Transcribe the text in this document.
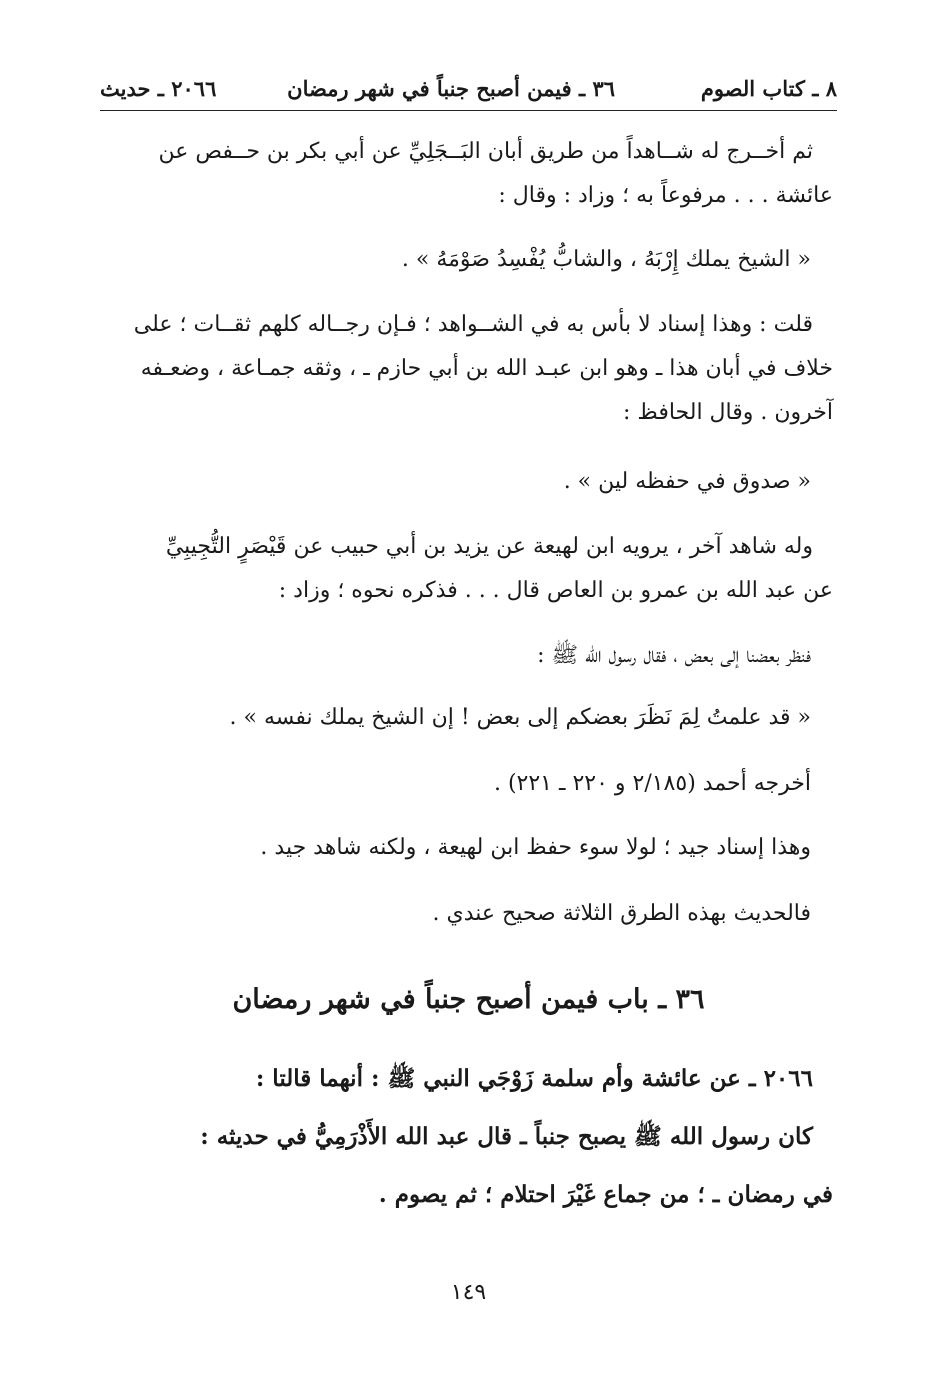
٨ ـ كتاب الصوم
٣٦ ـ فيمن أصبح جنباً في شهر رمضان
٢٠٦٦ ـ حديث
ثم أخــرج له شــاهداً من طريق أبان البَــجَلِيِّ عن أبي بكر بن حــفص عن
عائشة . . . مرفوعاً به ؛ وزاد : وقال :
« الشيخ يملك إِرْبَهُ ، والشابُّ يُفْسِدُ صَوْمَهُ » .
قلت : وهذا إسناد لا بأس به في الشــواهد ؛ فـإن رجــاله كلهم ثقــات ؛ على
خلاف في أبان هذا ـ وهو ابن عبـد الله بن أبي حازم ـ ، وثقه جمـاعة ، وضعـفه
آخرون . وقال الحافظ :
« صدوق في حفظه لين » .
وله شاهد آخر ، يرويه ابن لهيعة عن يزيد بن أبي حبيب عن قَيْصَرٍ التُّجِيبِيِّ
عن عبد الله بن عمرو بن العاص قال . . . فذكره نحوه ؛ وزاد :
فنظر بعضنا إلى بعض ، فقال رسول الله ﷺ :
« قد علمتُ لِمَ نَظَرَ بعضكم إلى بعض ! إن الشيخ يملك نفسه » .
أخرجه أحمد (٢/١٨٥ و ٢٢٠ ـ ٢٢١) .
وهذا إسناد جيد ؛ لولا سوء حفظ ابن لهيعة ، ولكنه شاهد جيد .
فالحديث بهذه الطرق الثلاثة صحيح عندي .
٣٦ ـ باب فيمن أصبح جنباً في شهر رمضان
٢٠٦٦ ـ عن عائشة وأم سلمة زَوْجَي النبي ﷺ : أنهما قالتا :
كان رسول الله ﷺ يصبح جنباً ـ قال عبد الله الأَذْرَمِيُّ في حديثه :
في رمضان ـ ؛ من جماع غَيْرَ احتلام ؛ ثم يصوم .
١٤٩
